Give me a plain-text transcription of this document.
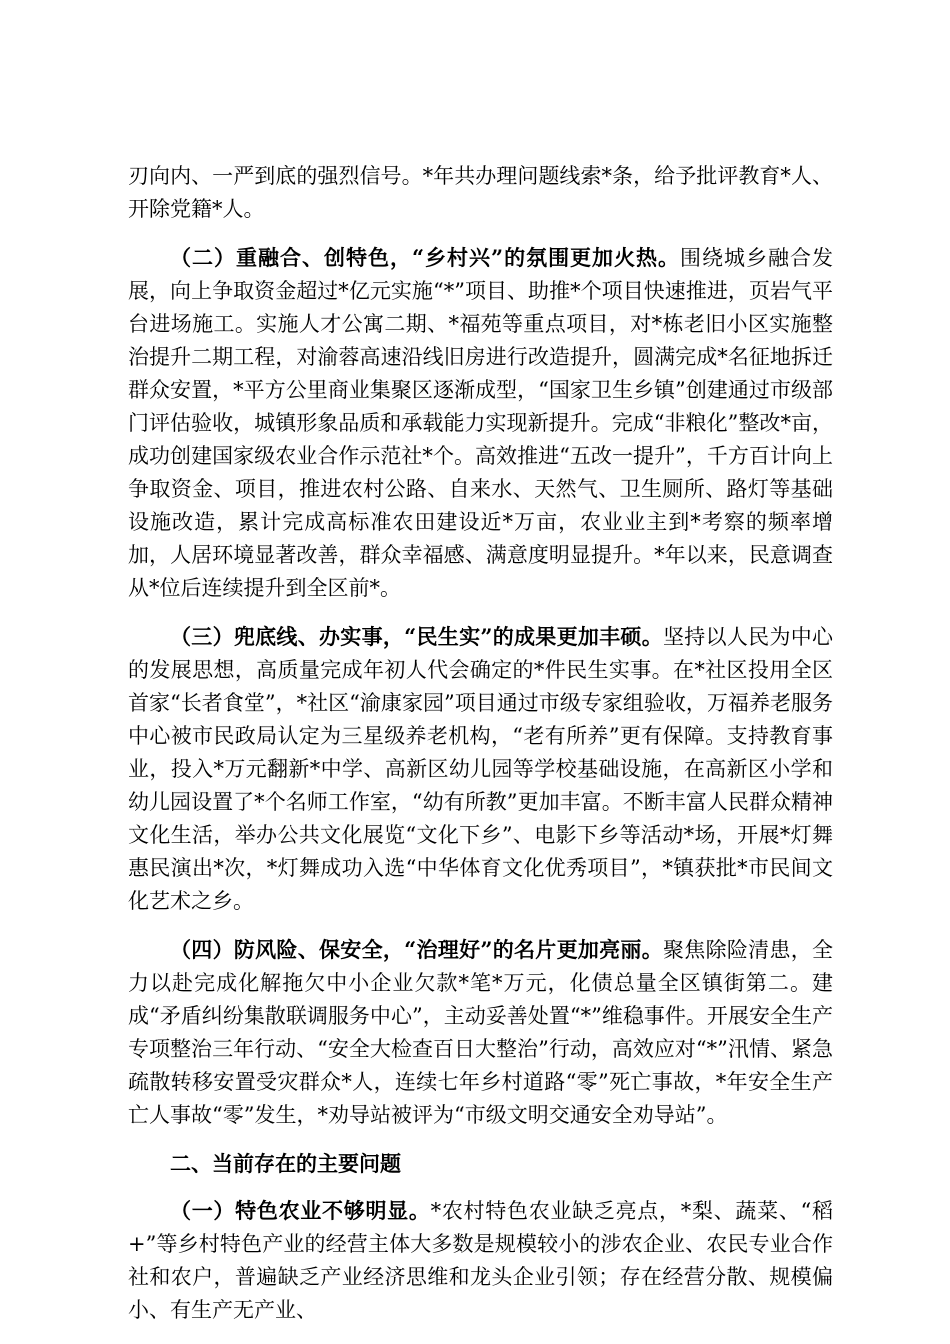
刃向内、一严到底的强烈信号。*年共办理问题线索*条，给予批评教育*人、开除党籍*人。

（二）重融合、创特色，“乡村兴”的氛围更加火热。围绕城乡融合发展，向上争取资金超过*亿元实施“*”项目、助推*个项目快速推进，页岩气平台进场施工。实施人才公寓二期、*福苑等重点项目，对*栋老旧小区实施整治提升二期工程，对渝蓉高速沿线旧房进行改造提升，圆满完成*名征地拆迁群众安置，*平方公里商业集聚区逐渐成型，“国家卫生乡镇”创建通过市级部门评估验收，城镇形象品质和承载能力实现新提升。完成“非粮化”整改*亩，成功创建国家级农业合作示范社*个。高效推进“五改一提升”，千方百计向上争取资金、项目，推进农村公路、自来水、天然气、卫生厕所、路灯等基础设施改造，累计完成高标准农田建设近*万亩，农业业主到*考察的频率增加，人居环境显著改善，群众幸福感、满意度明显提升。*年以来，民意调查从*位后连续提升到全区前*。

（三）兜底线、办实事，“民生实”的成果更加丰硕。坚持以人民为中心的发展思想，高质量完成年初人代会确定的*件民生实事。在*社区投用全区首家“长者食堂”，*社区“渝康家园”项目通过市级专家组验收，万福养老服务中心被市民政局认定为三星级养老机构，“老有所养”更有保障。支持教育事业，投入*万元翻新*中学、高新区幼儿园等学校基础设施，在高新区小学和幼儿园设置了*个名师工作室，“幼有所教”更加丰富。不断丰富人民群众精神文化生活，举办公共文化展览“文化下乡”、电影下乡等活动*场，开展*灯舞惠民演出*次，*灯舞成功入选“中华体育文化优秀项目”，*镇获批*市民间文化艺术之乡。

（四）防风险、保安全，“治理好”的名片更加亮丽。聚焦除险清患，全力以赴完成化解拖欠中小企业欠款*笔*万元，化债总量全区镇街第二。建成“矛盾纠纷集散联调服务中心”，主动妥善处置“*”维稳事件。开展安全生产专项整治三年行动、“安全大检查百日大整治”行动，高效应对“*”汛情、紧急疏散转移安置受灾群众*人，连续七年乡村道路“零”死亡事故，*年安全生产亡人事故“零”发生，*劝导站被评为“市级文明交通安全劝导站”。

二、当前存在的主要问题

（一）特色农业不够明显。*农村特色农业缺乏亮点，*梨、蔬菜、“稻+”等乡村特色产业的经营主体大多数是规模较小的涉农企业、农民专业合作社和农户，普遍缺乏产业经济思维和龙头企业引领；存在经营分散、规模偏小、有生产无产业、
